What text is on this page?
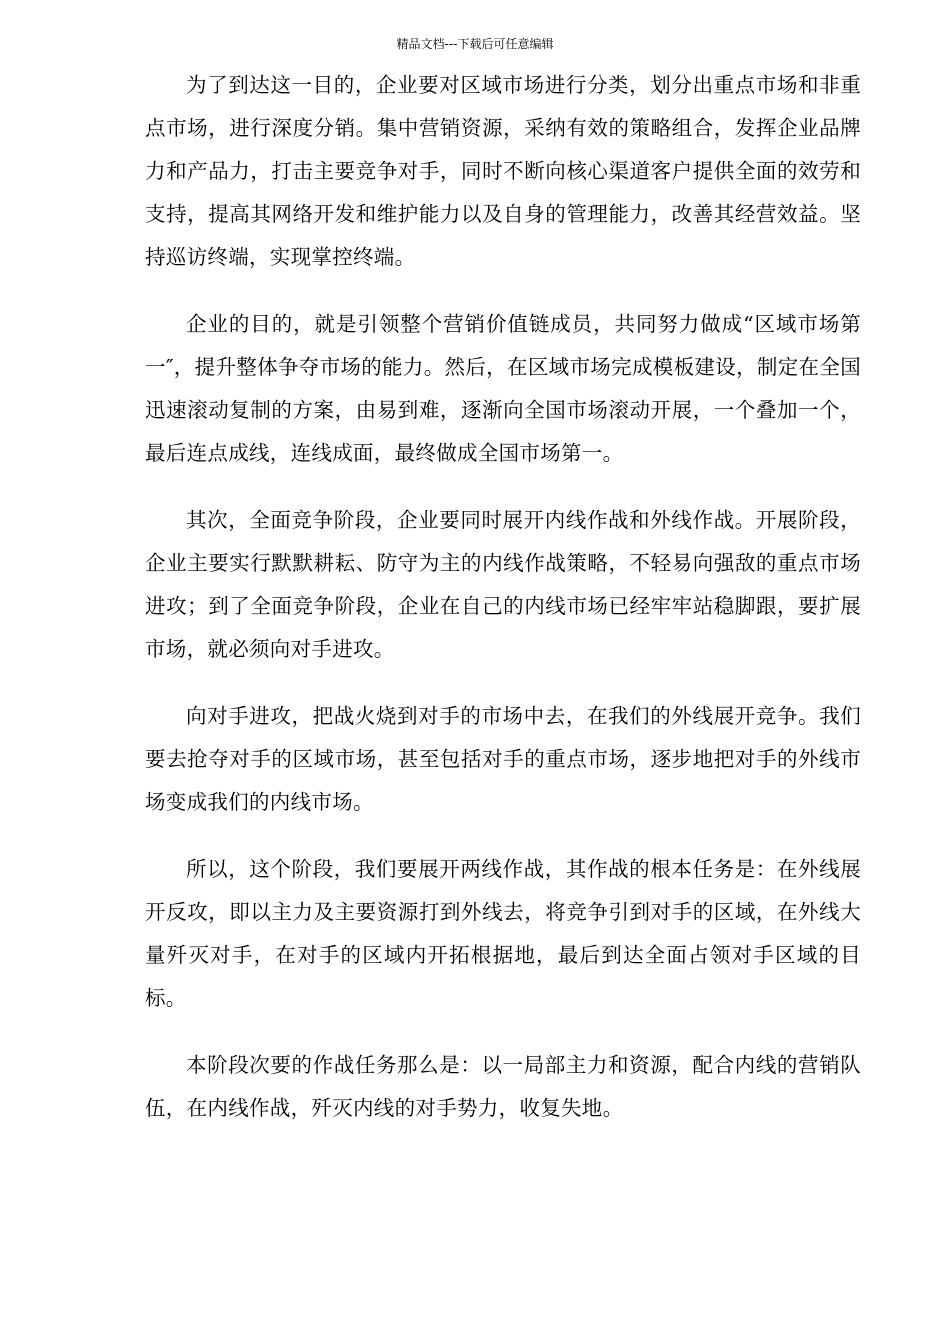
精品文档---下载后可任意编辑

为了到达这一目的，企业要对区域市场进行分类，划分出重点市场和非重点市场，进行深度分销。集中营销资源，采纳有效的策略组合，发挥企业品牌力和产品力，打击主要竞争对手，同时不断向核心渠道客户提供全面的效劳和支持，提高其网络开发和维护能力以及自身的管理能力，改善其经营效益。坚持巡访终端，实现掌控终端。

企业的目的，就是引领整个营销价值链成员，共同努力做成“区域市场第一″，提升整体争夺市场的能力。然后，在区域市场完成模板建设，制定在全国迅速滚动复制的方案，由易到难，逐渐向全国市场滚动开展，一个叠加一个，最后连点成线，连线成面，最终做成全国市场第一。

其次，全面竞争阶段，企业要同时展开内线作战和外线作战。开展阶段，企业主要实行默默耕耘、防守为主的内线作战策略，不轻易向强敌的重点市场进攻；到了全面竞争阶段，企业在自己的内线市场已经牢牢站稳脚跟，要扩展市场，就必须向对手进攻。

向对手进攻，把战火烧到对手的市场中去，在我们的外线展开竞争。我们要去抢夺对手的区域市场，甚至包括对手的重点市场，逐步地把对手的外线市场变成我们的内线市场。

所以，这个阶段，我们要展开两线作战，其作战的根本任务是：在外线展开反攻，即以主力及主要资源打到外线去，将竞争引到对手的区域，在外线大量歼灭对手，在对手的区域内开拓根据地，最后到达全面占领对手区域的目标。

本阶段次要的作战任务那么是：以一局部主力和资源，配合内线的营销队伍，在内线作战，歼灭内线的对手势力，收复失地。
